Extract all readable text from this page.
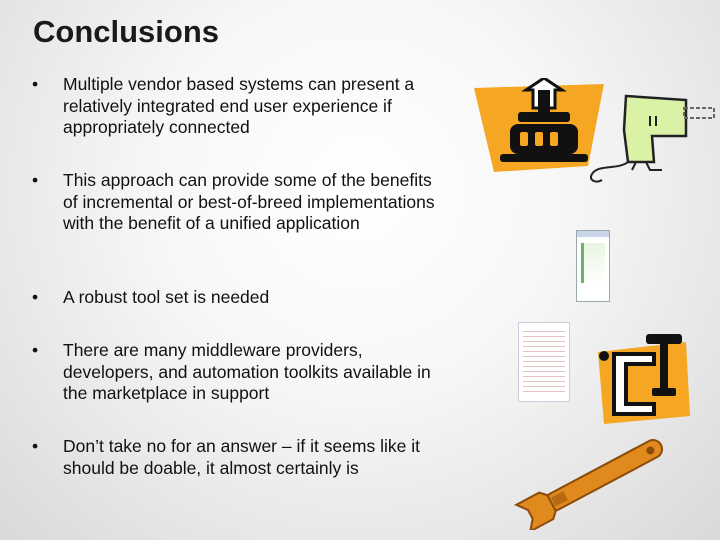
Conclusions
• Multiple vendor based systems can present a relatively integrated end user experience if appropriately connected
• This approach can provide some of the benefits of incremental or best-of-breed implementations with the benefit of a unified application
• A robust tool set is needed
• There are many middleware providers, developers, and automation toolkits available in the marketplace in support
• Don’t take no for an answer – if it seems like it should be doable, it almost certainly is
